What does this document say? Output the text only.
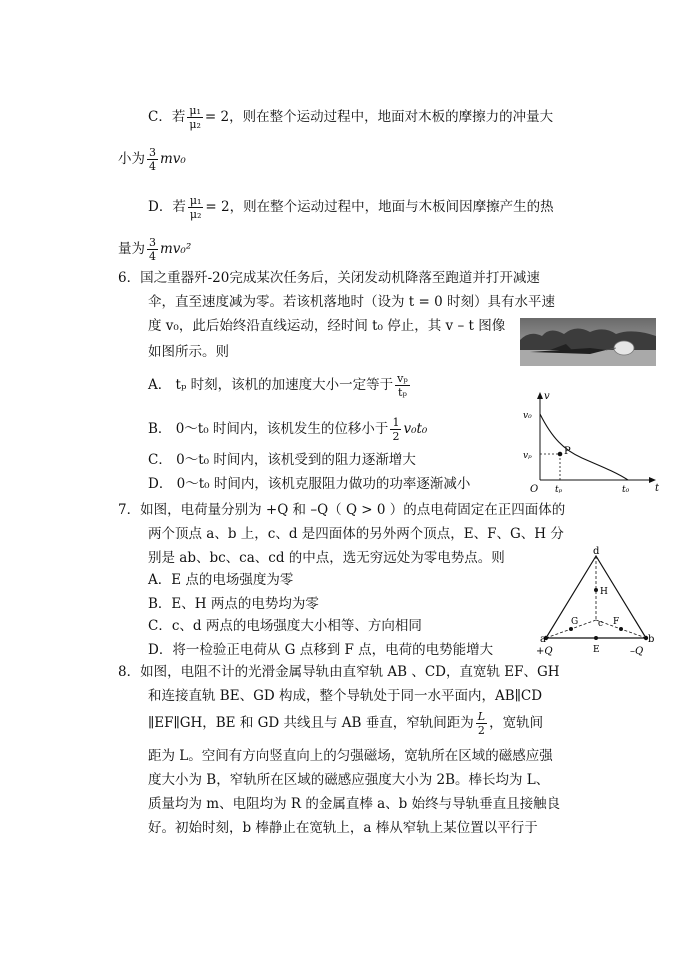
C．若 $\frac{\text{μ₁}}{\text{μ₂}} = 2$，则在整个运动过程中，地面对木板的摩擦力的冲量大
小为 $\frac{3}{4} mv_0$
D．若 $\frac{\text{μ₁}}{\text{μ₂}} = 2$，则在整个运动过程中，地面与木板间因摩擦产生的热
量为 $\frac{3}{4} mv_0^2$
6．国之重器歼-20完成某次任务后，关闭发动机降落至跑道并打开减速
伞，直至速度减为零。若该机落地时（设为 t = 0 时刻）具有水平速
度 v₀，此后始终沿直线运动，经时间 t₀ 停止，其 v – t 图像
如图所示。则
A． tₚ 时刻，该机的加速度大小一定等于 $\frac{\text{vₚ}}{\text{tₚ}}$
B． 0～t₀ 时间内，该机发生的位移小于 $\frac{1}{2} v_0t_0$
C． 0～t₀ 时间内，该机受到的阻力逐渐增大
D． 0～t₀ 时间内，该机克服阻力做功的功率逐渐减小
v
t
O
v₀
vₚ	P
tₚ	t₀
7．如图，电荷量分别为 +Q 和 –Q（ Q > 0 ）的点电荷固定在正四面体的
两个顶点 a、b 上，c、d 是四面体的另外两个顶点，E、F、G、H 分
别是 ab、bc、ca、cd 的中点，选无穷远处为零电势点。则
A．E 点的电场强度为零
B．E、H 两点的电势均为零
C．c、d 两点的电场强度大小相等、方向相同
D．将一检验正电荷从 G 点移到 F 点，电荷的电势能增大
d
a	b
c
E
F
G
H
+Q	–Q
8．如图，电阻不计的光滑金属导轨由直窄轨 AB 、CD，直宽轨 EF、GH
和连接直轨 BE、GD 构成，整个导轨处于同一水平面内，AB∥CD
∥EF∥GH，BE 和 GD 共线且与 AB 垂直，窄轨间距为 $\frac{L}{2}$ ，宽轨间
距为 L。空间有方向竖直向上的匀强磁场，宽轨所在区域的磁感应强
度大小为 B，窄轨所在区域的磁感应强度大小为 2B。棒长均为 L、
质量均为 m、电阻均为 R 的金属直棒 a、b 始终与导轨垂直且接触良
好。初始时刻，b 棒静止在宽轨上，a 棒从窄轨上某位置以平行于
